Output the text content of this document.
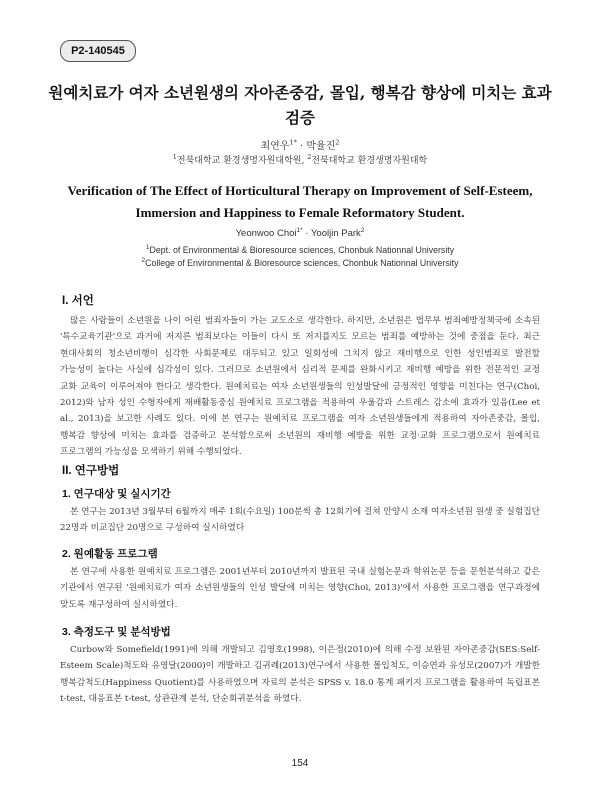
P2-140545
원예치료가 여자 소년원생의 자아존중감, 몰입, 행복감 향상에 미치는 효과 검증
최연우$^{1*}$ · 박율진$^2$
$^1$전북대학교 환경생명자원대학원, $^2$전북대학교 환경생명자원대학
Verification of The Effect of Horticultural Therapy on Improvement of Self-Esteem, Immersion and Happiness to Female Reformatory Student.
Yeonwoo Choi$^{1*}$ · Yooljin Park$^2$
$^1$Dept. of Environmental & Bioresource sciences, Chonbuk Nationnal University
$^2$College of Environmental & Bioresource sciences, Chonbuk Nationnal University
I. 서언
많은 사람들이 소년원을 나이 어린 범죄자들이 가는 교도소로 생각한다. 하지만, 소년원은 법무부 범죄예방정책국에 소속된 '특수교육기관'으로 과거에 저지른 범죄보다는 이들이 다시 또 저지를지도 모르는 범죄를 예방하는 것에 중점을 둔다. 최근 현대사회의 청소년비행이 심각한 사회문제로 대두되고 있고 일회성에 그치지 않고 재비행으로 인한 성인범죄로 발전할 가능성이 높다는 사실에 심각성이 있다. 그러므로 소년원에서 심리적 문제를 완화시키고 재비행 예방을 위한 전문적인 교정 교화 교육이 이루어져야 한다고 생각한다. 원예치료는 여자 소년원생들의 인성발달에 긍정적인 영향을 미친다는 연구(Choi, 2012)와 남자 성인 수형자에게 재배활동중심 원예치료 프로그램을 적용하여 우울감과 스트레스 감소에 효과가 있음(Lee et al., 2013)을 보고한 사례도 있다. 이에 본 연구는 원예치료 프로그램을 여자 소년원생들에게 적용하여 자아존중감, 몰입, 행복감 향상에 미치는 효과를 검증하고 분석함으로써 소년원의 재비행 예방을 위한 교정·교화 프로그램으로서 원예치료 프로그램의 가능성을 모색하기 위해 수행되었다.
II. 연구방법
1. 연구대상 및 실시기간
본 연구는 2013년 3월부터 6월까지 매주 1회(수요일) 100분씩 총 12회기에 걸쳐 안양시 소재 여자소년원 원생 중 실험집단 22명과 비교집단 20명으로 구성하여 실시하였다
2. 원예활동 프로그램
본 연구에 사용한 원예치료 프로그램은 2001년부터 2010년까지 발표된 국내 실험논문과 학위논문 등을 문헌분석하고 같은 기관에서 연구된 '원예치료가 여자 소년원생들의 인성 발달에 미치는 영향(Choi, 2013)'에서 사용한 프로그램을 연구과정에 맞도록 재구성하여 실시하였다.
3. 측정도구 및 분석방법
Curbow와 Somefield(1991)에 의해 개발되고 김영호(1998), 이은정(2010)에 의해 수정 보완된 자아존중감(SES:Self-Esteem Scale)척도와 유영달(2000)이 개발하고 김귀례(2013)연구에서 사용한 몰입척도, 이승연과 유성모(2007)가 개발한 행복감척도(Happiness Quotient)를 사용하였으며 자료의 분석은 SPSS v. 18.0 통계 패키지 프로그램을 활용하여 독립표본 t-test, 대응표본 t-test, 상관관계 분석, 단순회귀분석을 하였다.
154
